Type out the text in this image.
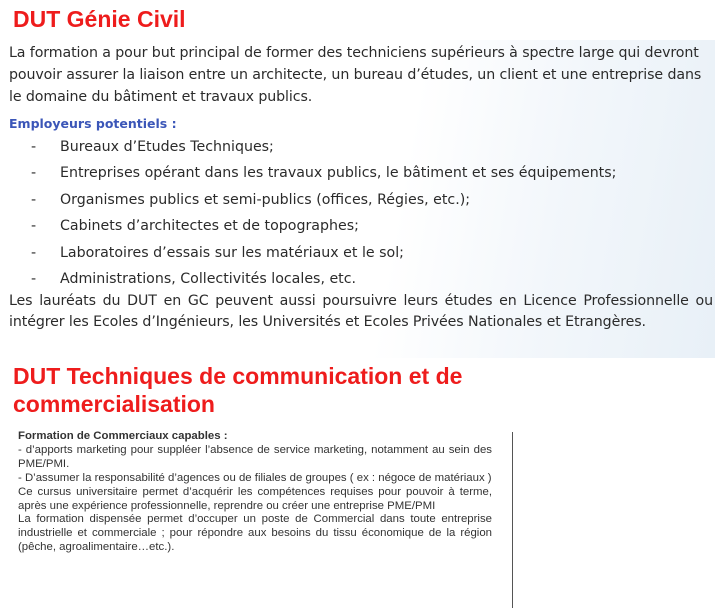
DUT Génie Civil

La formation a pour but principal de former des techniciens supérieurs à spectre large qui devront pouvoir assurer la liaison entre un architecte, un bureau d’études, un client et une entreprise dans le domaine du bâtiment et travaux publics.

Employeurs potentiels :
- Bureaux d’Etudes Techniques;
- Entreprises opérant dans les travaux publics, le bâtiment et ses équipements;
- Organismes publics et semi-publics (offices, Régies, etc.);
- Cabinets d’architectes et de topographes;
- Laboratoires d’essais sur les matériaux et le sol;
- Administrations, Collectivités locales, etc.

Les lauréats du DUT en GC peuvent aussi poursuivre leurs études en Licence Professionnelle ou intégrer les Ecoles d’Ingénieurs, les Universités et Ecoles Privées Nationales et Etrangères.

DUT Techniques de communication et de commercialisation

Formation de Commerciaux capables :

- d’apports marketing pour suppléer l’absence de service marketing, notamment au sein des PME/PMI.

- D’assumer la responsabilité d’agences ou de filiales de groupes ( ex : négoce de matériaux )

Ce cursus universitaire permet d’acquérir les compétences requises pour pouvoir à terme, après une expérience professionnelle, reprendre ou créer une entreprise PME/PMI

La formation dispensée permet d’occuper un poste de Commercial dans toute entreprise industrielle et commerciale ; pour répondre aux besoins du tissu économique de la région (pêche, agroalimentaire…etc.).
